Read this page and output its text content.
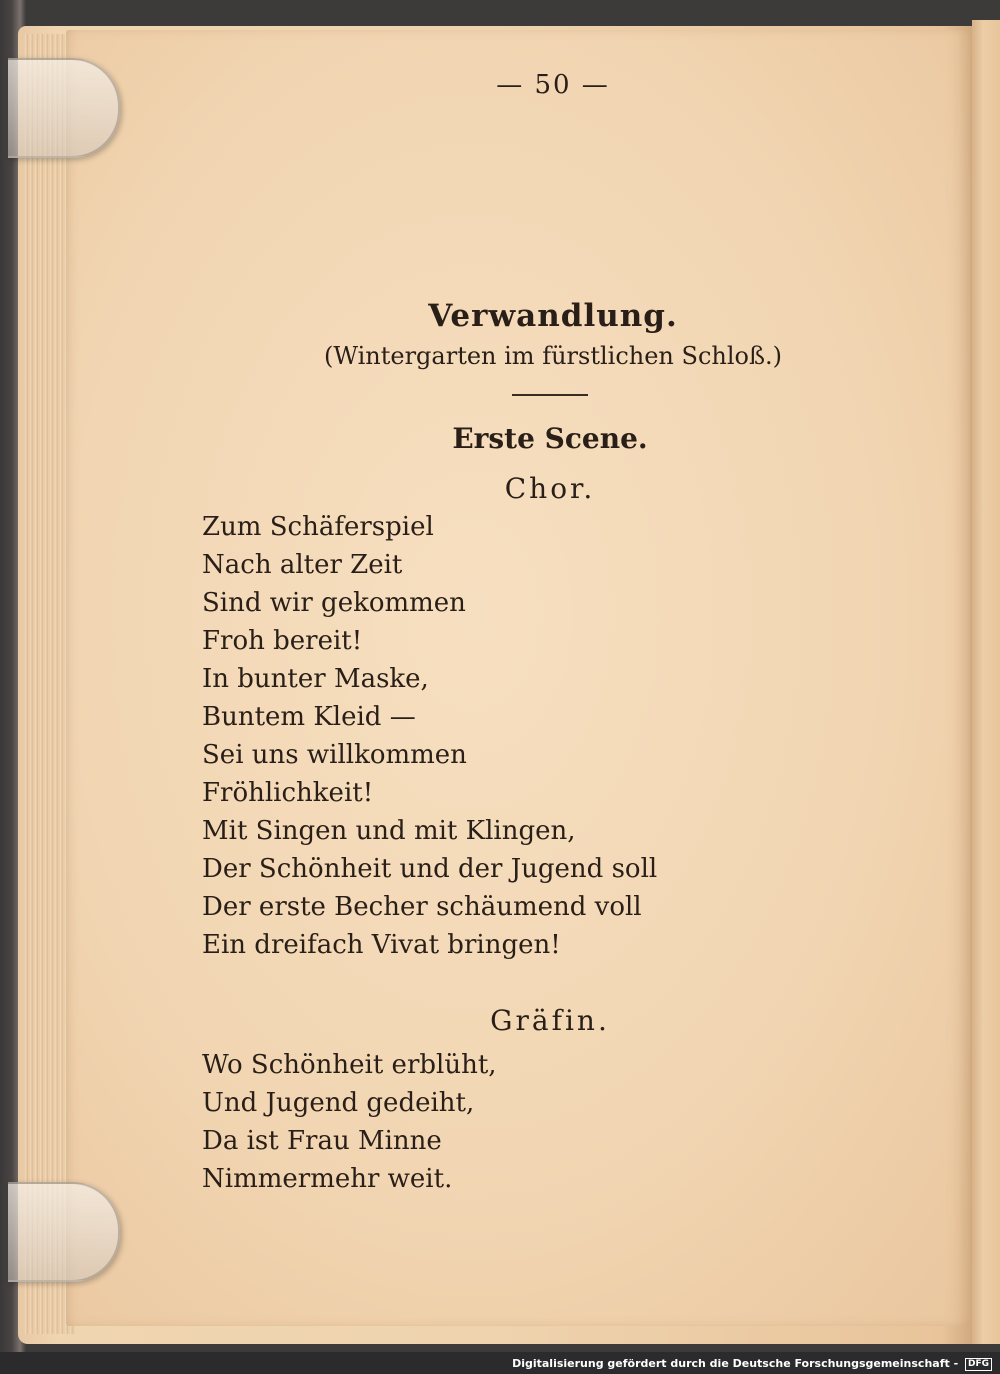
— 50 —
Verwandlung.
(Wintergarten im fürstlichen Schloß.)
Erste Scene.
Chor.
Zum Schäferspiel
Nach alter Zeit
Sind wir gekommen
Froh bereit!
In bunter Maske,
Buntem Kleid —
Sei uns willkommen
Fröhlichkeit!
Mit Singen und mit Klingen,
Der Schönheit und der Jugend soll
Der erste Becher schäumend voll
Ein dreifach Vivat bringen!
Gräfin.
Wo Schönheit erblüht,
Und Jugend gedeiht,
Da ist Frau Minne
Nimmermehr weit.
Digitalisierung gefördert durch die Deutsche Forschungsgemeinschaft - DFG
